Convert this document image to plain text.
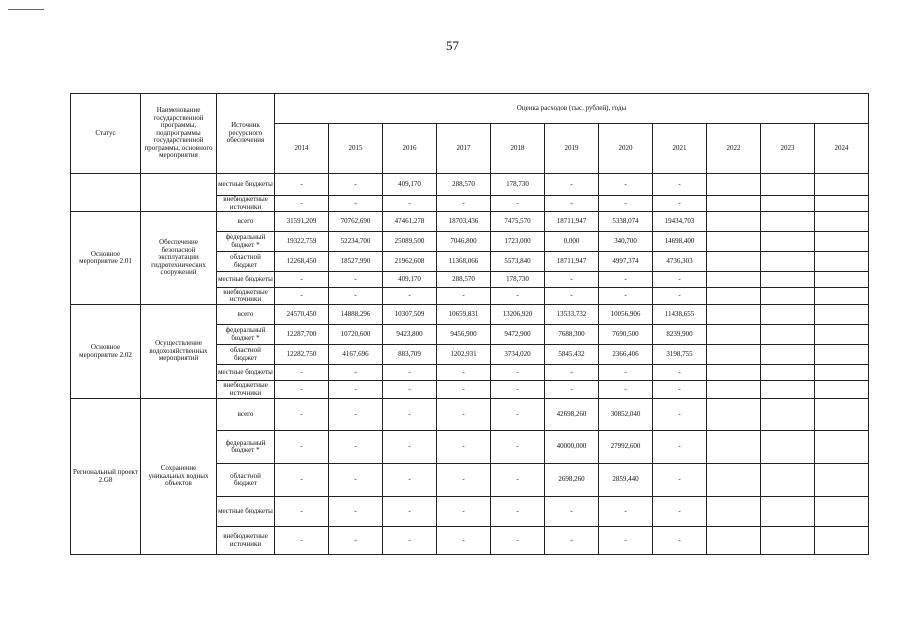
57
Статус	Наименование государственной программы, подпрограммы государственной программы, основного мероприятия	Источник ресурсного обеспечения	Оценка расходов (тыс. рублей), годы										
			2014	2015	2016	2017	2018	2019	2020	2021	2022	2023	2024
		местные бюджеты	-	-	409,170	288,570	178,730	-	-	-			
		внебюджетные источники	-	-	-	-	-	-	-	-			
Основное мероприятие 2.01	Обеспечение безопасной эксплуатации гидротехнических сооружений	всего	31591,209	70762,690	47461,278	18703,436	7475,570	18711,947	5338,074	19434,703			
		федеральный бюджет *	19322,759	52234,700	25089,500	7046,800	1723,000	0,000	340,700	14698,400			
		областной бюджет	12268,450	18527,990	21962,608	11368,066	5573,840	18711,947	4997,374	4736,303			
		местные бюджеты	-	-	409,170	288,570	178,730	-	-	-			
		внебюджетные источники	-	-	-	-	-	-	-	-			
Основное мероприятие 2.02	Осуществление водохозяйственных мероприятий	всего	24570,450	14888,296	10307,509	10659,831	13206,920	13533,732	10056,906	11438,655			
		федеральный бюджет *	12287,700	10720,600	9423,800	9456,900	9472,900	7688,300	7690,500	8239,900			
		областной бюджет	12282,750	4167,696	883,709	1202,931	3734,020	5845,432	2366,406	3198,755			
		местные бюджеты	-	-	-	-	-	-	-	-			
		внебюджетные источники	-	-	-	-	-	-	-	-			
Региональный проект 2.G8	Сохранение уникальных водных объектов	всего	-	-	-	-	-	42698,260	30852,040	-			
		федеральный бюджет *	-	-	-	-	-	40000,000	27992,600	-			
		областной бюджет	-	-	-	-	-	2698,260	2859,440	-			
		местные бюджеты	-	-	-	-	-	-	-	-			
		внебюджетные источники	-	-	-	-	-	-	-	-			
